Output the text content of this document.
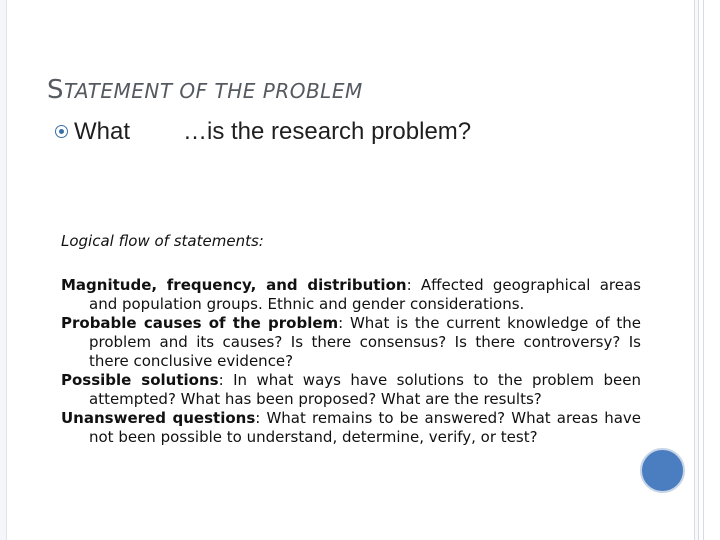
STATEMENT OF THE PROBLEM
What …is the research problem?

Logical flow of statements:

Magnitude, frequency, and distribution: Affected geographical areas and population groups. Ethnic and gender considerations.

Probable causes of the problem: What is the current knowledge of the problem and its causes? Is there consensus? Is there controversy? Is there conclusive evidence?

Possible solutions: In what ways have solutions to the problem been attempted? What has been proposed? What are the results?

Unanswered questions: What remains to be answered? What areas have not been possible to understand, determine, verify, or test?
